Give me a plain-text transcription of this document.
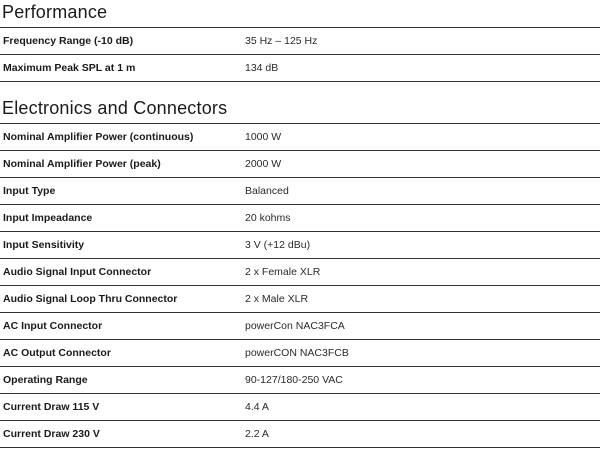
Performance
Frequency Range (-10 dB)	35 Hz – 125 Hz
Maximum Peak SPL at 1 m	134 dB
Electronics and Connectors
Nominal Amplifier Power (continuous)	1000 W
Nominal Amplifier Power (peak)	2000 W
Input Type	Balanced
Input Impeadance	20 kohms
Input Sensitivity	3 V (+12 dBu)
Audio Signal Input Connector	2 x Female XLR
Audio Signal Loop Thru Connector	2 x Male XLR
AC Input Connector	powerCon NAC3FCA
AC Output Connector	powerCON NAC3FCB
Operating Range	90-127/180-250 VAC
Current Draw 115 V	4.4 A
Current Draw 230 V	2.2 A
